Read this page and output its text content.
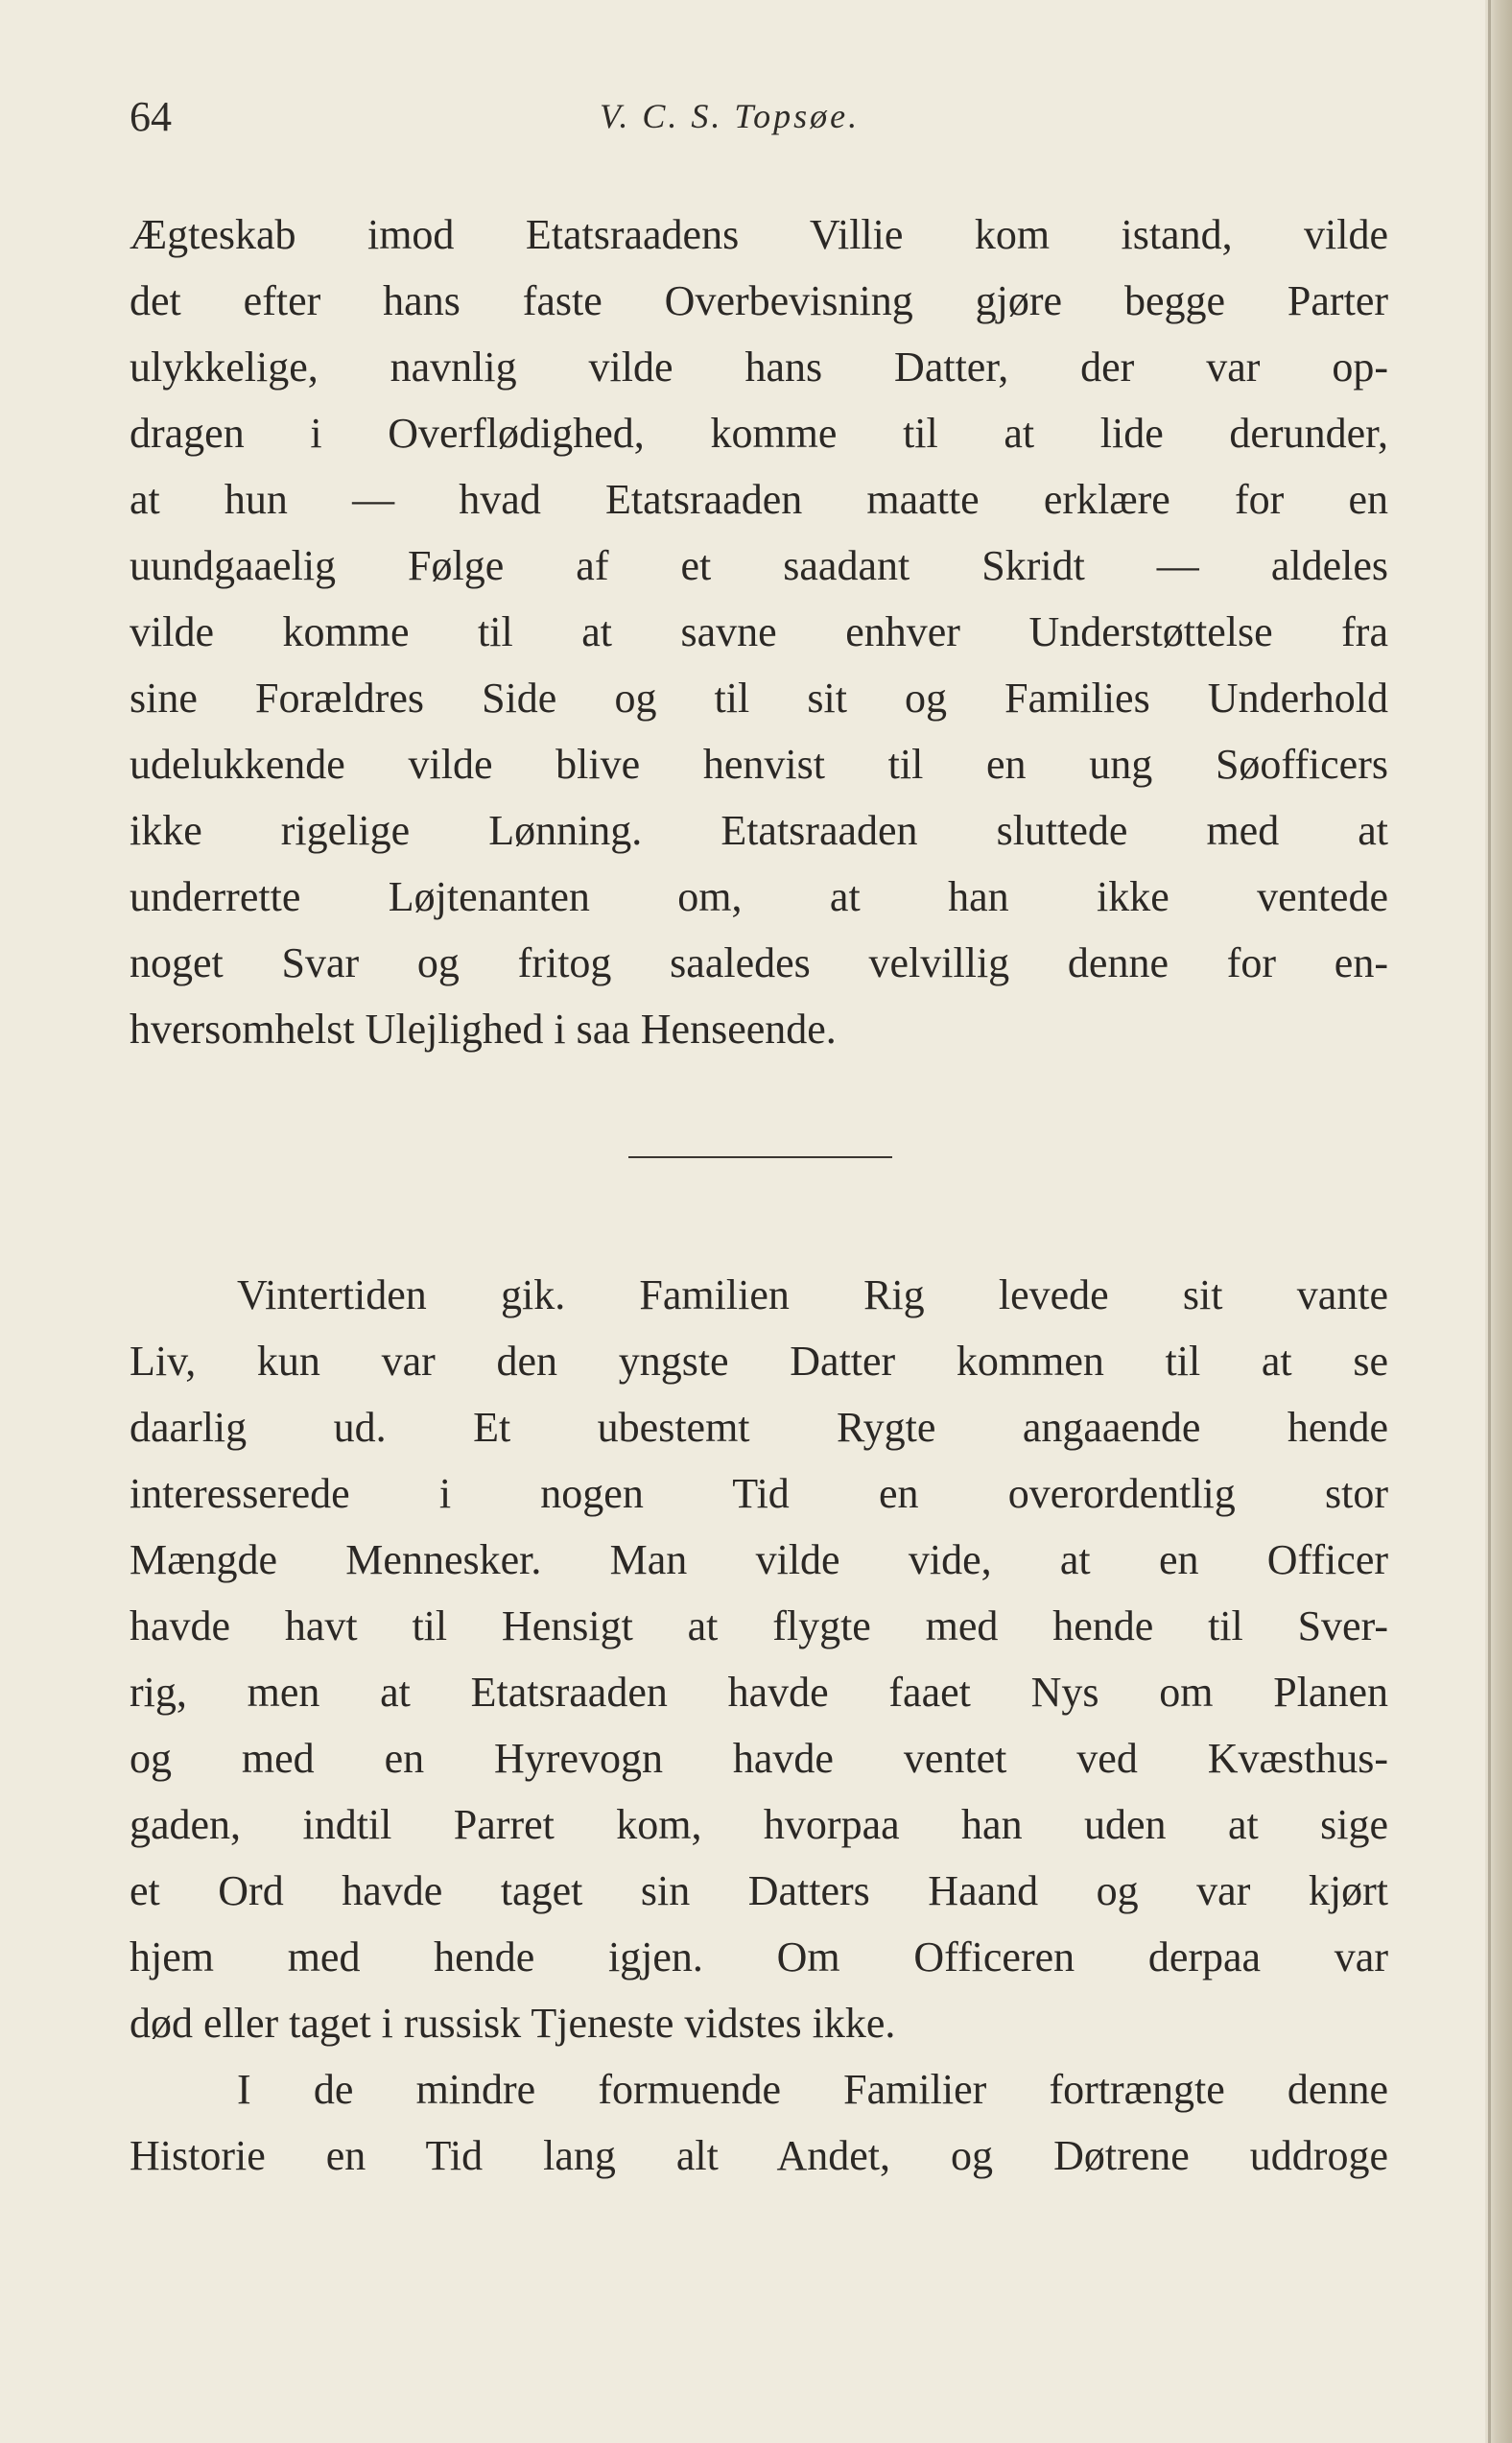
64	V. C. S. Topsøe.
Ægteskab imod Etatsraadens Villie kom istand, vilde
det efter hans faste Overbevisning gjøre begge Parter
ulykkelige, navnlig vilde hans Datter, der var op-
dragen i Overflødighed, komme til at lide derunder,
at hun — hvad Etatsraaden maatte erklære for en
uundgaaelig Følge af et saadant Skridt — aldeles
vilde komme til at savne enhver Understøttelse fra
sine Forældres Side og til sit og Families Underhold
udelukkende vilde blive henvist til en ung Søofficers
ikke rigelige Lønning. Etatsraaden sluttede med at
underrette Løjtenanten om, at han ikke ventede
noget Svar og fritog saaledes velvillig denne for en-
hversomhelst Ulejlighed i saa Henseende.
Vintertiden gik. Familien Rig levede sit vante
Liv, kun var den yngste Datter kommen til at se
daarlig ud. Et ubestemt Rygte angaaende hende
interesserede i nogen Tid en overordentlig stor
Mængde Mennesker. Man vilde vide, at en Officer
havde havt til Hensigt at flygte med hende til Sver-
rig, men at Etatsraaden havde faaet Nys om Planen
og med en Hyrevogn havde ventet ved Kvæsthus-
gaden, indtil Parret kom, hvorpaa han uden at sige
et Ord havde taget sin Datters Haand og var kjørt
hjem med hende igjen. Om Officeren derpaa var
død eller taget i russisk Tjeneste vidstes ikke.
I de mindre formuende Familier fortrængte denne
Historie en Tid lang alt Andet, og Døtrene uddroge
